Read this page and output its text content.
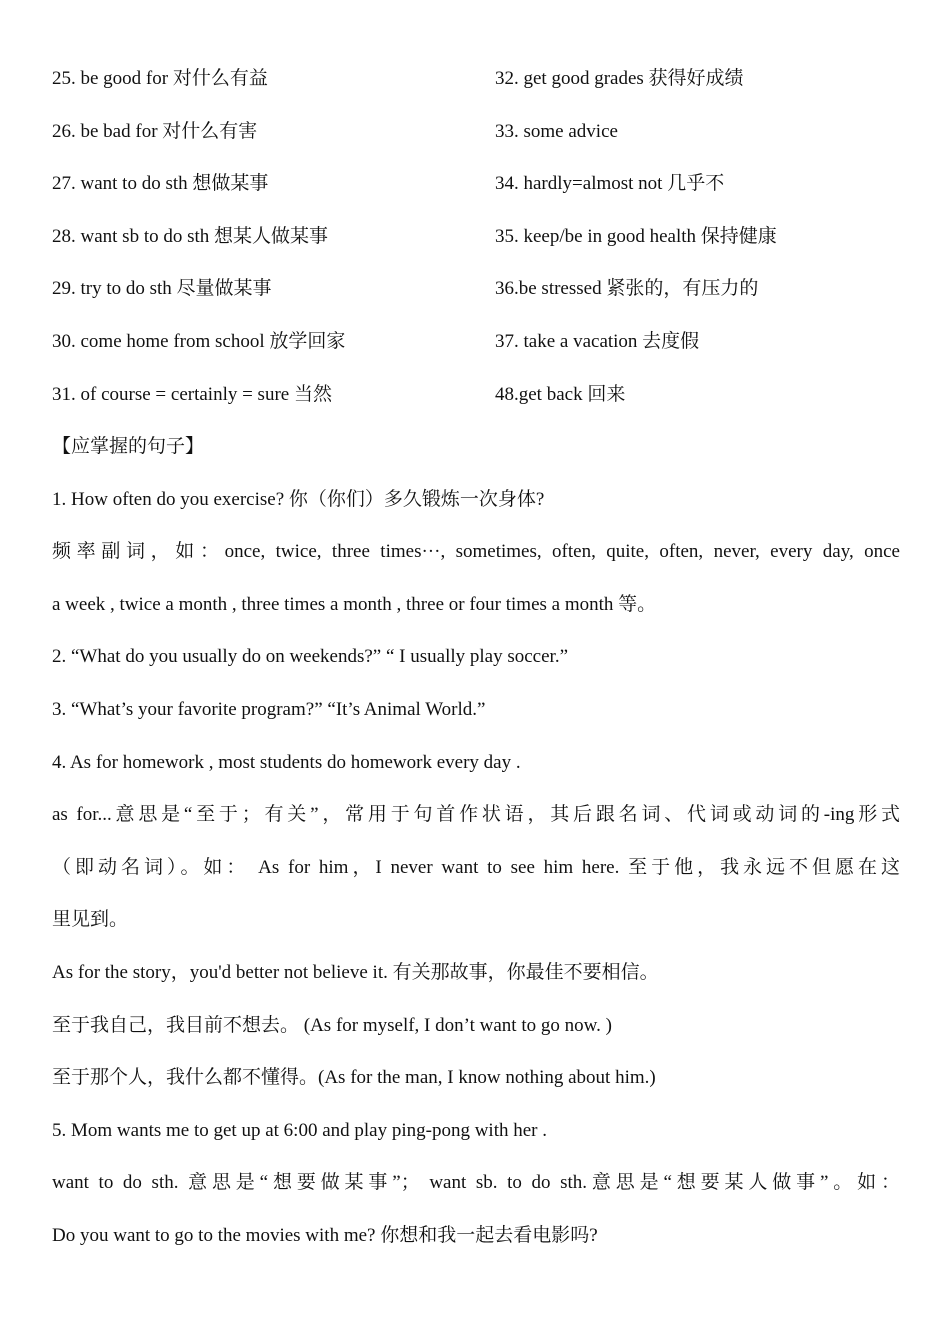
25. be good for 对什么有益	32. get good grades 获得好成绩
26. be bad for 对什么有害	33. some advice
27. want to do sth 想做某事	34. hardly=almost not 几乎不
28. want sb to do sth 想某人做某事	35. keep/be in good health 保持健康
29. try to do sth 尽量做某事	36.be stressed 紧张的，有压力的
30. come home from school 放学回家	37. take a vacation 去度假
31. of course = certainly = sure 当然	48.get back 回来
【应掌握的句子】
1. How often do you exercise? 你（你们）多久锻炼一次身体?
频率副词，如：once, twice, three times···, sometimes, often, quite, often, never, every day, once
a week , twice a month , three times a month , three or four times a month 等。
2. “What do you usually do on weekends?” “ I usually play soccer.”
3. “What’s your favorite program?” “It’s Animal World.”
4. As for homework , most students do homework every day .
as for...意思是“至于；有关”，常用于句首作状语，其后跟名词、代词或动词的-ing形式
（即动名词）。如： As for him，I never want to see him here. 至于他，我永远不但愿在这
里见到。
As for the story，you'd better not believe it. 有关那故事，你最佳不要相信。
至于我自己，我目前不想去。 (As for myself, I don’t want to go now. )
至于那个人，我什么都不懂得。(As for the man, I know nothing about him.)
5. Mom wants me to get up at 6:00 and play ping-pong with her .
want to do sth. 意思是“想要做某事”； want sb. to do sth.意思是“想要某人做事”。如：
Do you want to go to the movies with me? 你想和我一起去看电影吗?
